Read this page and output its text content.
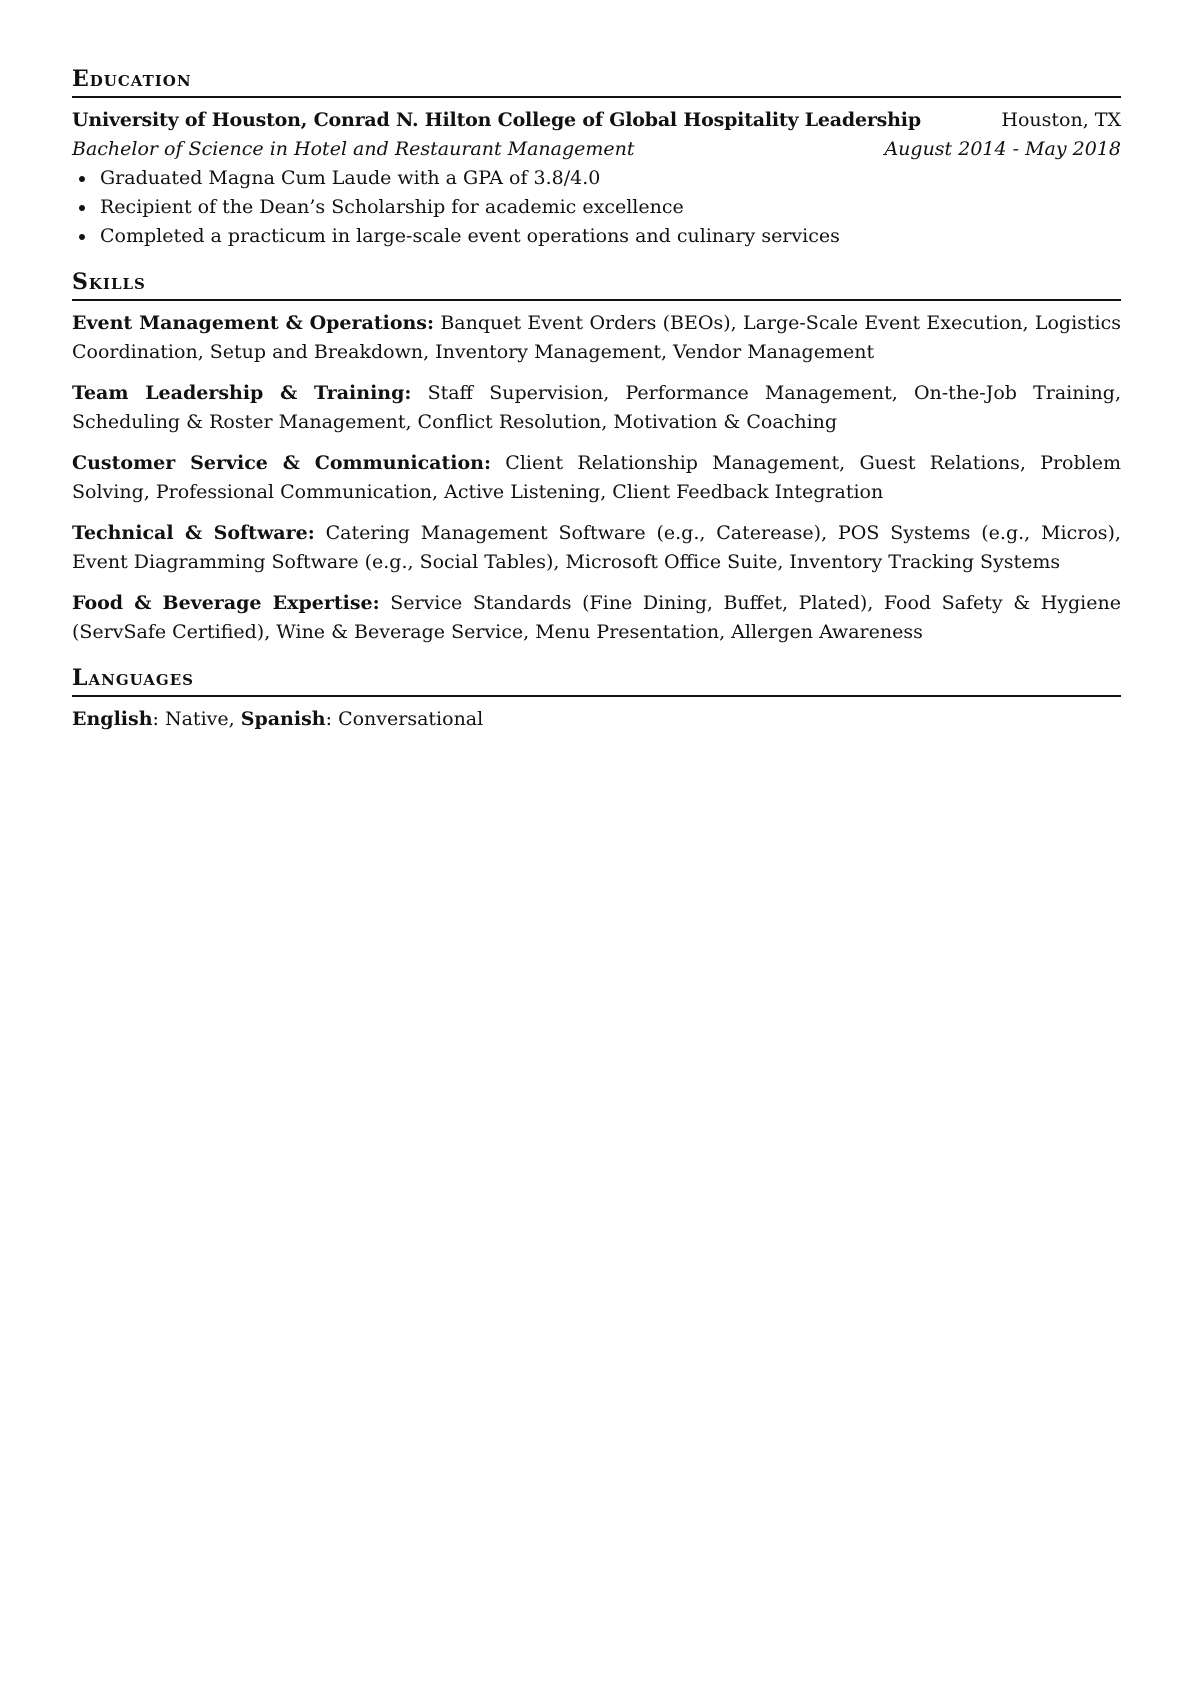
Education
University of Houston, Conrad N. Hilton College of Global Hospitality Leadership	Houston, TX
Bachelor of Science in Hotel and Restaurant Management	August 2014 - May 2018
Graduated Magna Cum Laude with a GPA of 3.8/4.0
Recipient of the Dean’s Scholarship for academic excellence
Completed a practicum in large-scale event operations and culinary services
Skills

Event Management & Operations: Banquet Event Orders (BEOs), Large-Scale Event Execution, Logistics Coordination, Setup and Breakdown, Inventory Management, Vendor Management

Team Leadership & Training: Staff Supervision, Performance Management, On-the-Job Training, Scheduling & Roster Management, Conflict Resolution, Motivation & Coaching

Customer Service & Communication: Client Relationship Management, Guest Relations, Problem Solving, Professional Communication, Active Listening, Client Feedback Integration

Technical & Software: Catering Management Software (e.g., Caterease), POS Systems (e.g., Micros), Event Diagramming Software (e.g., Social Tables), Microsoft Office Suite, Inventory Tracking Systems

Food & Beverage Expertise: Service Standards (Fine Dining, Buffet, Plated), Food Safety & Hygiene (ServSafe Certified), Wine & Beverage Service, Menu Presentation, Allergen Awareness

Languages
English: Native, Spanish: Conversational
